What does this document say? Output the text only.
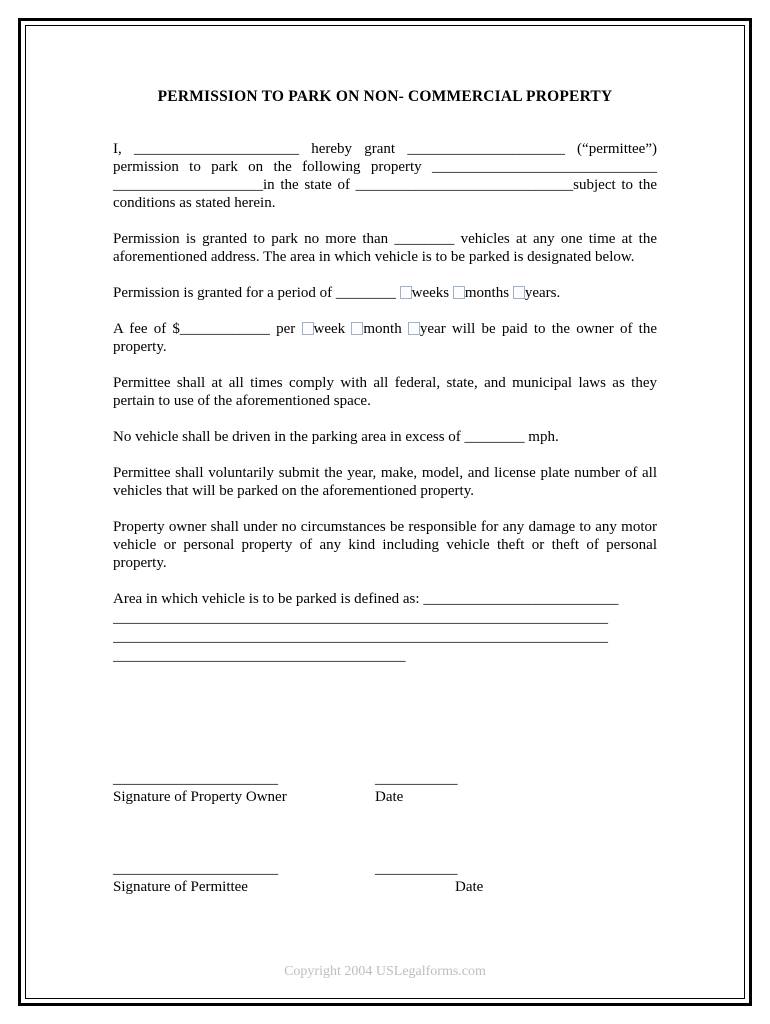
PERMISSION TO PARK ON NON- COMMERCIAL PROPERTY

I, ______________________ hereby grant _____________________ (“permittee”) permission to park on the following property ______________________________ ____________________in the state of _____________________________subject to the conditions as stated herein.

Permission is granted to park no more than ________ vehicles at any one time at the aforementioned address. The area in which vehicle is to be parked is designated below.

Permission is granted for a period of ________ weeks months years.

A fee of $____________ per week month year will be paid to the owner of the property.

Permittee shall at all times comply with all federal, state, and municipal laws as they pertain to use of the aforementioned space.

No vehicle shall be driven in the parking area in excess of ________ mph.

Permittee shall voluntarily submit the year, make, model, and license plate number of all vehicles that will be parked on the aforementioned property.

Property owner shall under no circumstances be responsible for any damage to any motor vehicle or personal property of any kind including vehicle theft or theft of personal property.

Area in which vehicle is to be parked is defined as: __________________________
__________________________________________________________________
__________________________________________________________________
_______________________________________
______________________	___________
Signature of Property Owner	Date
______________________	___________
Signature of Permittee	Date
Copyright 2004 USLegalforms.com
